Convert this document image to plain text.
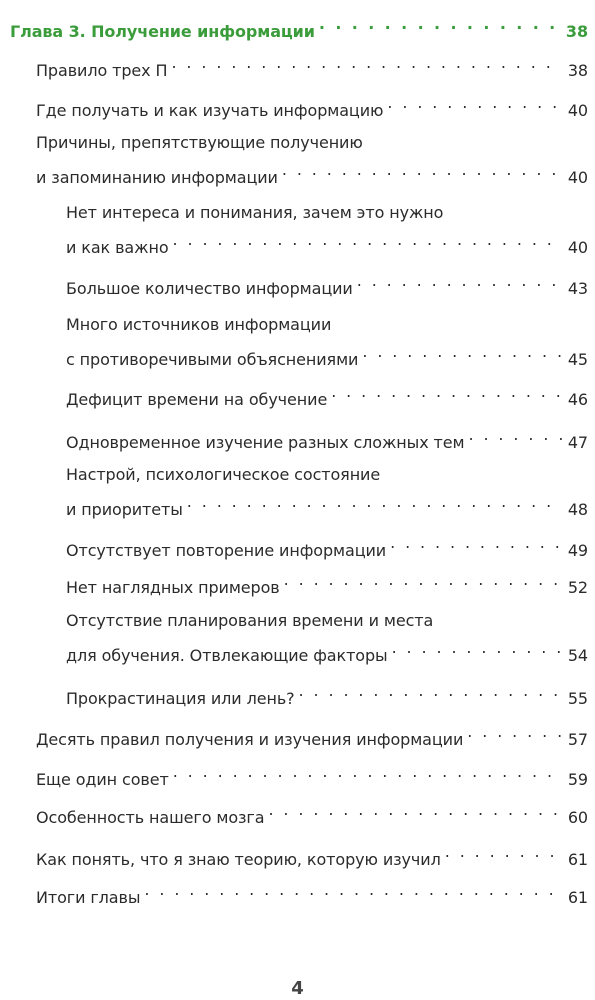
Глава 3. Получение информации . . .	38
Правило трех П . . .	38
Где получать и как изучать информацию . . .	40
Причины, препятствующие получению
и запоминанию информации . . .	40
Нет интереса и понимания, зачем это нужно
и как важно . . .	40
Большое количество информации . . .	43
Много источников информации
с противоречивыми объяснениями . . .	45
Дефицит времени на обучение . . .	46
Одновременное изучение разных сложных тем . . .	47
Настрой, психологическое состояние
и приоритеты . . .	48
Отсутствует повторение информации . . .	49
Нет наглядных примеров . . .	52
Отсутствие планирования времени и места
для обучения. Отвлекающие факторы . . .	54
Прокрастинация или лень? . . .	55
Десять правил получения и изучения информации . . .	57
Еще один совет . . .	59
Особенность нашего мозга . . .	60
Как понять, что я знаю теорию, которую изучил . . .	61
Итоги главы . . .	61
4
